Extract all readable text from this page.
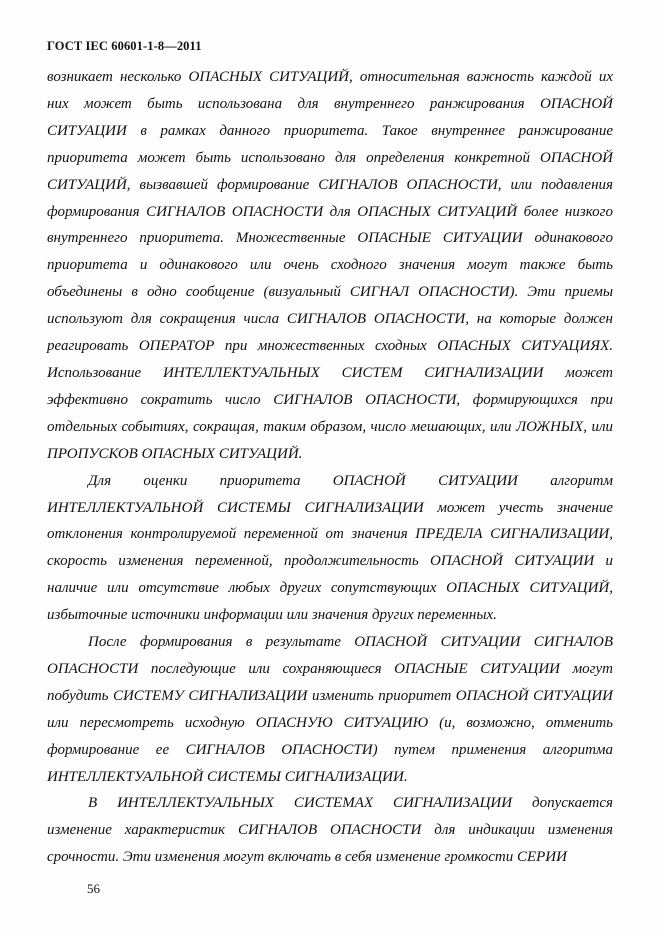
ГОСТ IEC 60601-1-8—2011

возникает несколько ОПАСНЫХ СИТУАЦИЙ, относительная важность каждой их них может быть использована для внутреннего ранжирования ОПАСНОЙ СИТУАЦИИ в рамках данного приоритета. Такое внутреннее ранжирование приоритета может быть использовано для определения конкретной ОПАСНОЙ СИТУАЦИЙ, вызвавшей формирование СИГНАЛОВ ОПАСНОСТИ, или подавления формирования СИГНАЛОВ ОПАСНОСТИ для ОПАСНЫХ СИТУАЦИЙ более низкого внутреннего приоритета. Множественные ОПАСНЫЕ СИТУАЦИИ одинакового приоритета и одинакового или очень сходного значения могут также быть объединены в одно сообщение (визуальный СИГНАЛ ОПАСНОСТИ). Эти приемы используют для сокращения числа СИГНАЛОВ ОПАСНОСТИ, на которые должен реагировать ОПЕРАТОР при множественных сходных ОПАСНЫХ СИТУАЦИЯХ. Использование ИНТЕЛЛЕКТУАЛЬНЫХ СИСТЕМ СИГНАЛИЗАЦИИ может эффективно сократить число СИГНАЛОВ ОПАСНОСТИ, формирующихся при отдельных событиях, сокращая, таким образом, число мешающих, или ЛОЖНЫХ, или ПРОПУСКОВ ОПАСНЫХ СИТУАЦИЙ.

Для оценки приоритета ОПАСНОЙ СИТУАЦИИ алгоритм ИНТЕЛЛЕКТУАЛЬНОЙ СИСТЕМЫ СИГНАЛИЗАЦИИ может учесть значение отклонения контролируемой переменной от значения ПРЕДЕЛА СИГНАЛИЗАЦИИ, скорость изменения переменной, продолжительность ОПАСНОЙ СИТУАЦИИ и наличие или отсутствие любых других сопутствующих ОПАСНЫХ СИТУАЦИЙ, избыточные источники информации или значения других переменных.

После формирования в результате ОПАСНОЙ СИТУАЦИИ СИГНАЛОВ ОПАСНОСТИ последующие или сохраняющиеся ОПАСНЫЕ СИТУАЦИИ могут побудить СИСТЕМУ СИГНАЛИЗАЦИИ изменить приоритет ОПАСНОЙ СИТУАЦИИ или пересмотреть исходную ОПАСНУЮ СИТУАЦИЮ (и, возможно, отменить формирование ее СИГНАЛОВ ОПАСНОСТИ) путем применения алгоритма ИНТЕЛЛЕКТУАЛЬНОЙ СИСТЕМЫ СИГНАЛИЗАЦИИ.

В ИНТЕЛЛЕКТУАЛЬНЫХ СИСТЕМАХ СИГНАЛИЗАЦИИ допускается изменение характеристик СИГНАЛОВ ОПАСНОСТИ для индикации изменения срочности. Эти изменения могут включать в себя изменение громкости СЕРИИ

56
